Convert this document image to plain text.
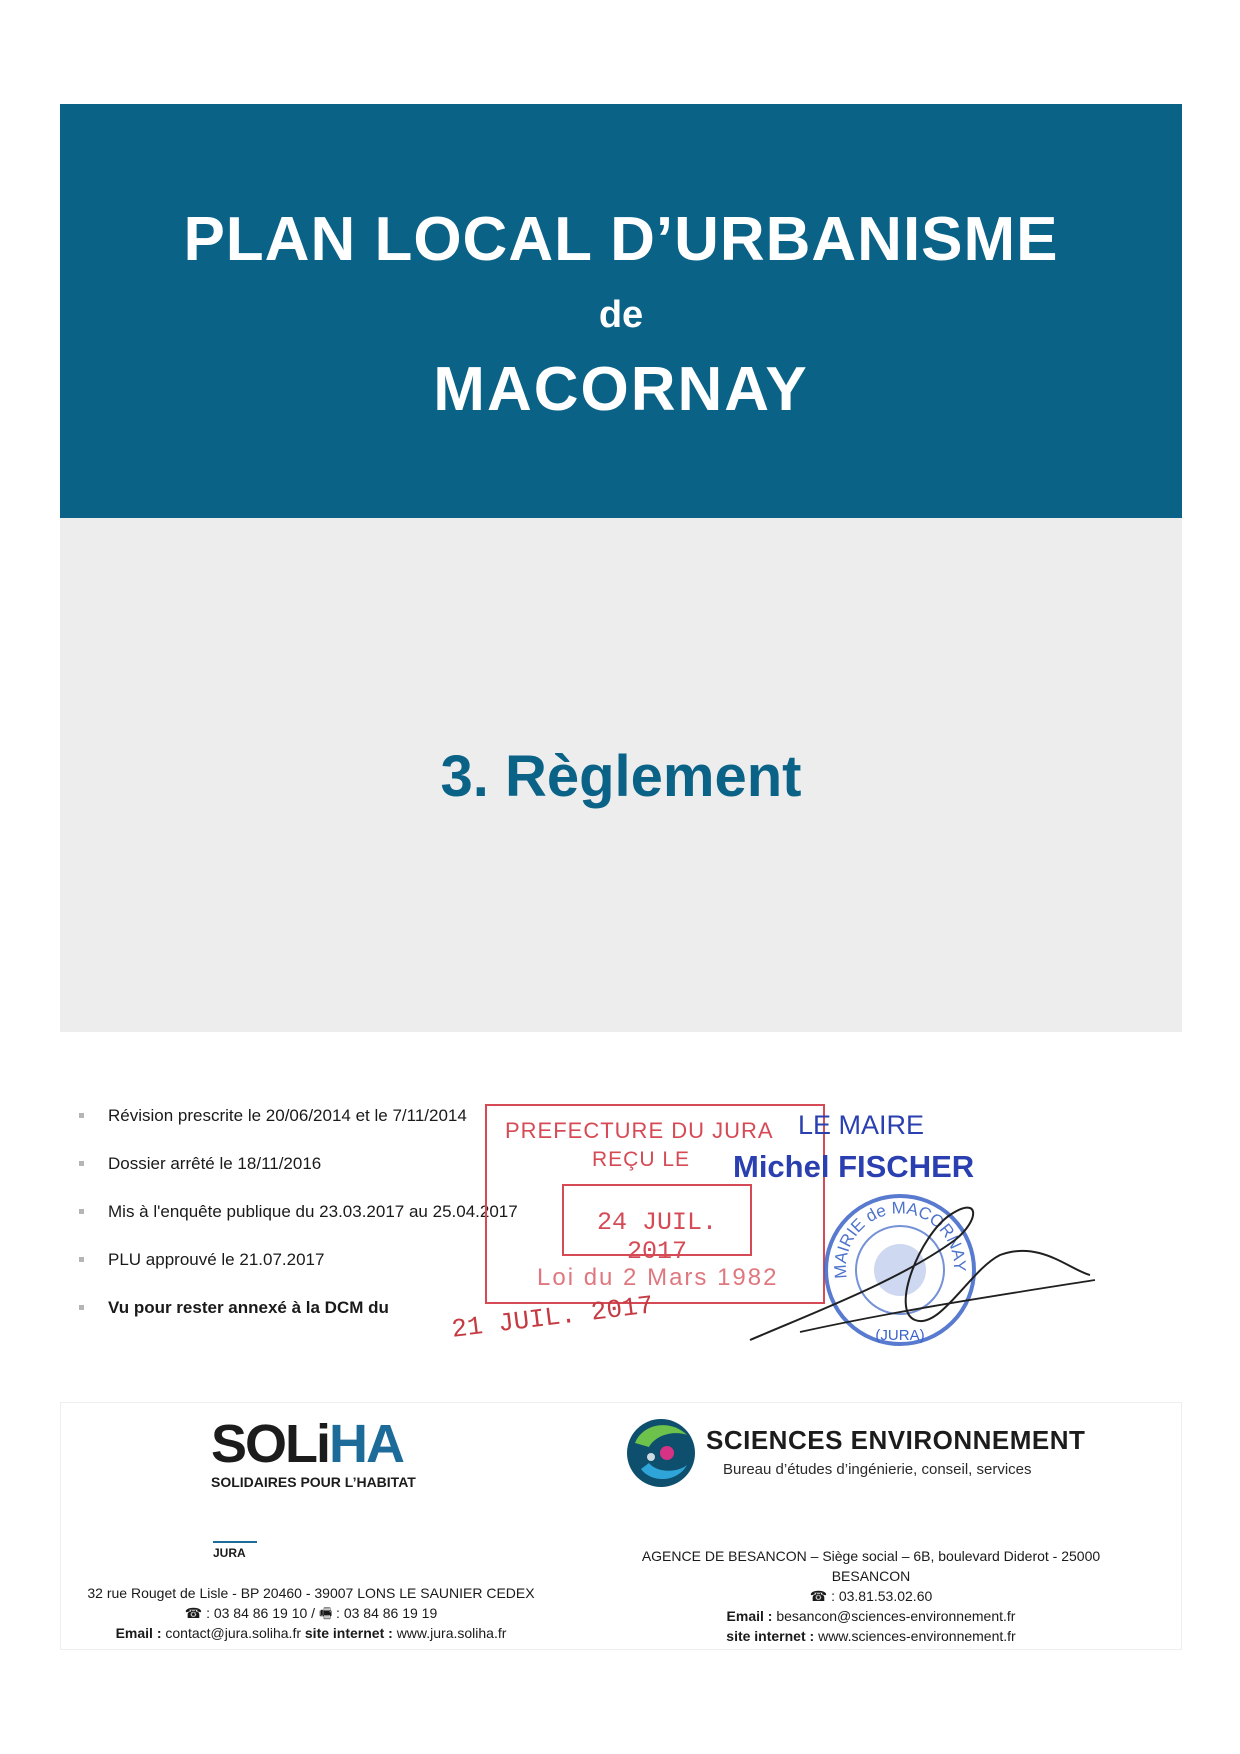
PLAN LOCAL D’URBANISME
de
MACORNAY
3. Règlement
Révision prescrite le 20/06/2014 et le 7/11/2014
Dossier arrêté le 18/11/2016
Mis à l'enquête publique du 23.03.2017 au 25.04.2017
PLU approuvé le 21.07.2017
Vu pour rester annexé à la DCM du
PREFECTURE DU JURA
REÇU LE
24 JUIL. 2017
Loi du 2 Mars 1982
21 JUIL. 2017
LE MAIRE
Michel FISCHER
MAIRIE de MACORNAY
(JURA)
SOLiHA
SOLIDAIRES POUR L’HABITAT
JURA
32 rue Rouget de Lisle - BP 20460 - 39007 LONS LE SAUNIER CEDEX
☎ : 03 84 86 19 10 / 🖷 : 03 84 86 19 19
Email : contact@jura.soliha.fr site internet : www.jura.soliha.fr
SCIENCES ENVIRONNEMENT
Bureau d’études d’ingénierie, conseil, services
AGENCE DE BESANCON – Siège social – 6B, boulevard Diderot - 25000
BESANCON
☎ : 03.81.53.02.60
Email : besancon@sciences-environnement.fr
site internet : www.sciences-environnement.fr
